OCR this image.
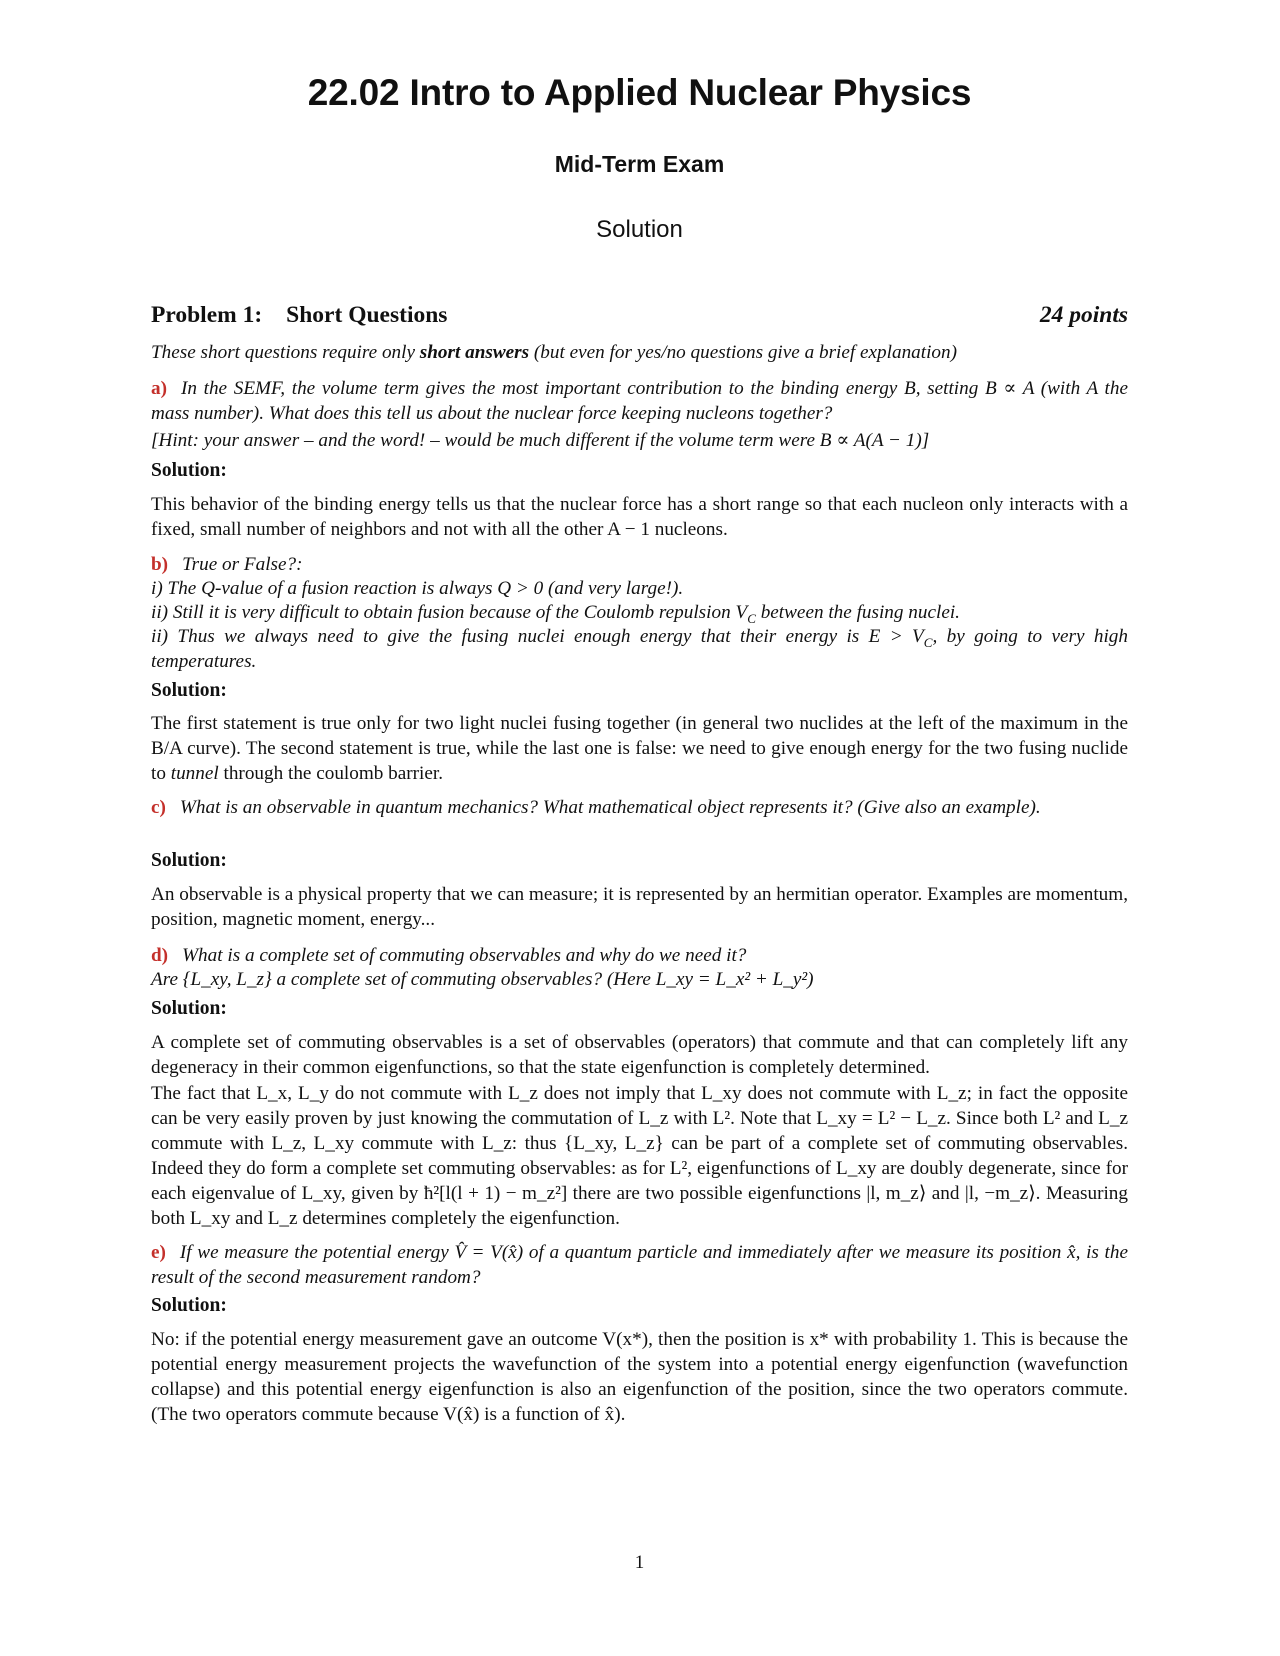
22.02 Intro to Applied Nuclear Physics
Mid-Term Exam
Solution
Problem 1: Short Questions	24 points

These short questions require only short answers (but even for yes/no questions give a brief explanation)

a) In the SEMF, the volume term gives the most important contribution to the binding energy B, setting B ∝ A (with A the mass number). What does this tell us about the nuclear force keeping nucleons together?

[Hint: your answer – and the word! – would be much different if the volume term were B ∝ A(A − 1)]

Solution:

This behavior of the binding energy tells us that the nuclear force has a short range so that each nucleon only interacts with a fixed, small number of neighbors and not with all the other A − 1 nucleons.

b) True or False?:

i) The Q-value of a fusion reaction is always Q > 0 (and very large!).

ii) Still it is very difficult to obtain fusion because of the Coulomb repulsion $V_C$ between the fusing nuclei.

ii) Thus we always need to give the fusing nuclei enough energy that their energy is $E > V_C$, by going to very high temperatures.

Solution:

The first statement is true only for two light nuclei fusing together (in general two nuclides at the left of the maximum in the B/A curve). The second statement is true, while the last one is false: we need to give enough energy for the two fusing nuclide to tunnel through the coulomb barrier.

c) What is an observable in quantum mechanics? What mathematical object represents it? (Give also an example).

Solution:

An observable is a physical property that we can measure; it is represented by an hermitian operator. Examples are momentum, position, magnetic moment, energy...

d) What is a complete set of commuting observables and why do we need it?

Are {L_xy, L_z} a complete set of commuting observables? (Here L_xy = L_x² + L_y²)

Solution:

A complete set of commuting observables is a set of observables (operators) that commute and that can completely lift any degeneracy in their common eigenfunctions, so that the state eigenfunction is completely determined.

The fact that L_x, L_y do not commute with L_z does not imply that L_xy does not commute with L_z; in fact the opposite can be very easily proven by just knowing the commutation of L_z with L². Note that L_xy = L² − L_z. Since both L² and L_z commute with L_z, L_xy commute with L_z: thus {L_xy, L_z} can be part of a complete set of commuting observables. Indeed they do form a complete set commuting observables: as for L², eigenfunctions of L_xy are doubly degenerate, since for each eigenvalue of L_xy, given by ħ²[l(l + 1) − m_z²] there are two possible eigenfunctions |l, m_z⟩ and |l, −m_z⟩. Measuring both L_xy and L_z determines completely the eigenfunction.

e) If we measure the potential energy V̂ = V(x̂) of a quantum particle and immediately after we measure its position x̂, is the result of the second measurement random?

Solution:

No: if the potential energy measurement gave an outcome V(x*), then the position is x* with probability 1. This is because the potential energy measurement projects the wavefunction of the system into a potential energy eigenfunction (wavefunction collapse) and this potential energy eigenfunction is also an eigenfunction of the position, since the two operators commute. (The two operators commute because V(x̂) is a function of x̂).

1
